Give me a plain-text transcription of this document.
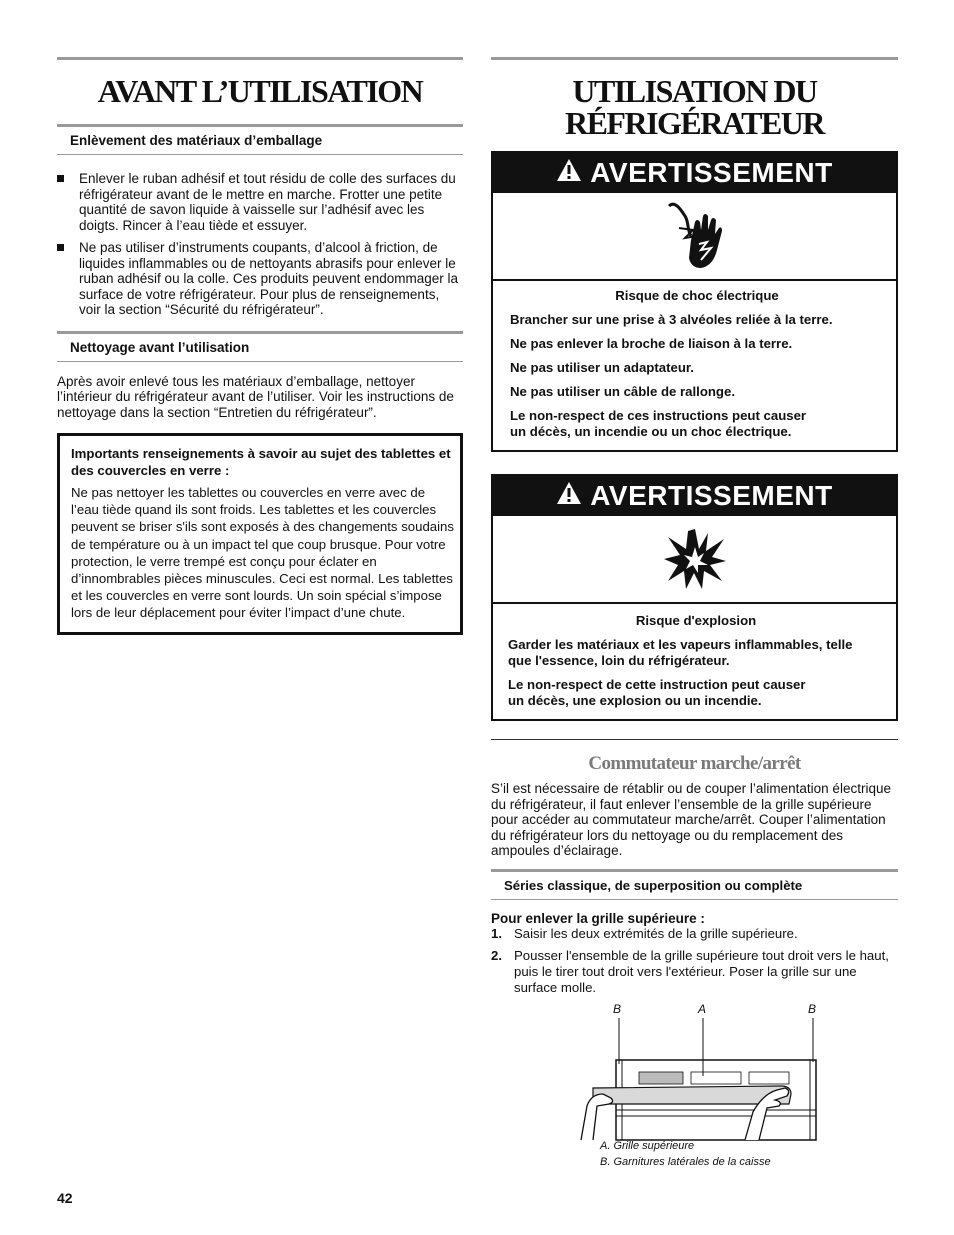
AVANT L’UTILISATION
Enlèvement des matériaux d’emballage
Enlever le ruban adhésif et tout résidu de colle des surfaces du réfrigérateur avant de le mettre en marche. Frotter une petite quantité de savon liquide à vaisselle sur l’adhésif avec les doigts. Rincer à l’eau tiède et essuyer.
Ne pas utiliser d’instruments coupants, d’alcool à friction, de liquides inflammables ou de nettoyants abrasifs pour enlever le ruban adhésif ou la colle. Ces produits peuvent endommager la surface de votre réfrigérateur. Pour plus de renseignements, voir la section “Sécurité du réfrigérateur”.
Nettoyage avant l’utilisation

Après avoir enlevé tous les matériaux d’emballage, nettoyer l’intérieur du réfrigérateur avant de l’utiliser. Voir les instructions de nettoyage dans la section “Entretien du réfrigérateur”.

Importants renseignements à savoir au sujet des tablettes et des couvercles en verre :

Ne pas nettoyer les tablettes ou couvercles en verre avec de l’eau tiède quand ils sont froids. Les tablettes et les couvercles peuvent se briser s'ils sont exposés à des changements soudains de température ou à un impact tel que coup brusque. Pour votre protection, le verre trempé est conçu pour éclater en d’innombrables pièces minuscules. Ceci est normal. Les tablettes et les couvercles en verre sont lourds. Un soin spécial s’impose lors de leur déplacement pour éviter l’impact d’une chute.

UTILISATION DU
RÉFRIGÉRATEUR
AVERTISSEMENT

Risque de choc électrique

Brancher sur une prise à 3 alvéoles reliée à la terre.

Ne pas enlever la broche de liaison à la terre.

Ne pas utiliser un adaptateur.

Ne pas utiliser un câble de rallonge.

Le non-respect de ces instructions peut causer
un décès, un incendie ou un choc électrique.

AVERTISSEMENT

Risque d'explosion

Garder les matériaux et les vapeurs inflammables, telle
que l'essence, loin du réfrigérateur.

Le non-respect de cette instruction peut causer
un décès, une explosion ou un incendie.

Commutateur marche/arrêt

S’il est nécessaire de rétablir ou de couper l’alimentation électrique du réfrigérateur, il faut enlever l’ensemble de la grille supérieure pour accéder au commutateur marche/arrêt. Couper l’alimentation du réfrigérateur lors du nettoyage ou du remplacement des ampoules d’éclairage.

Séries classique, de superposition ou complète

Pour enlever la grille supérieure :

1. Saisir les deux extrémités de la grille supérieure.
2. Pousser l'ensemble de la grille supérieure tout droit vers le haut, puis le tirer tout droit vers l'extérieur. Poser la grille sur une surface molle.
B	A	B
A. Grille supérieure
B. Garnitures latérales de la caisse
42
